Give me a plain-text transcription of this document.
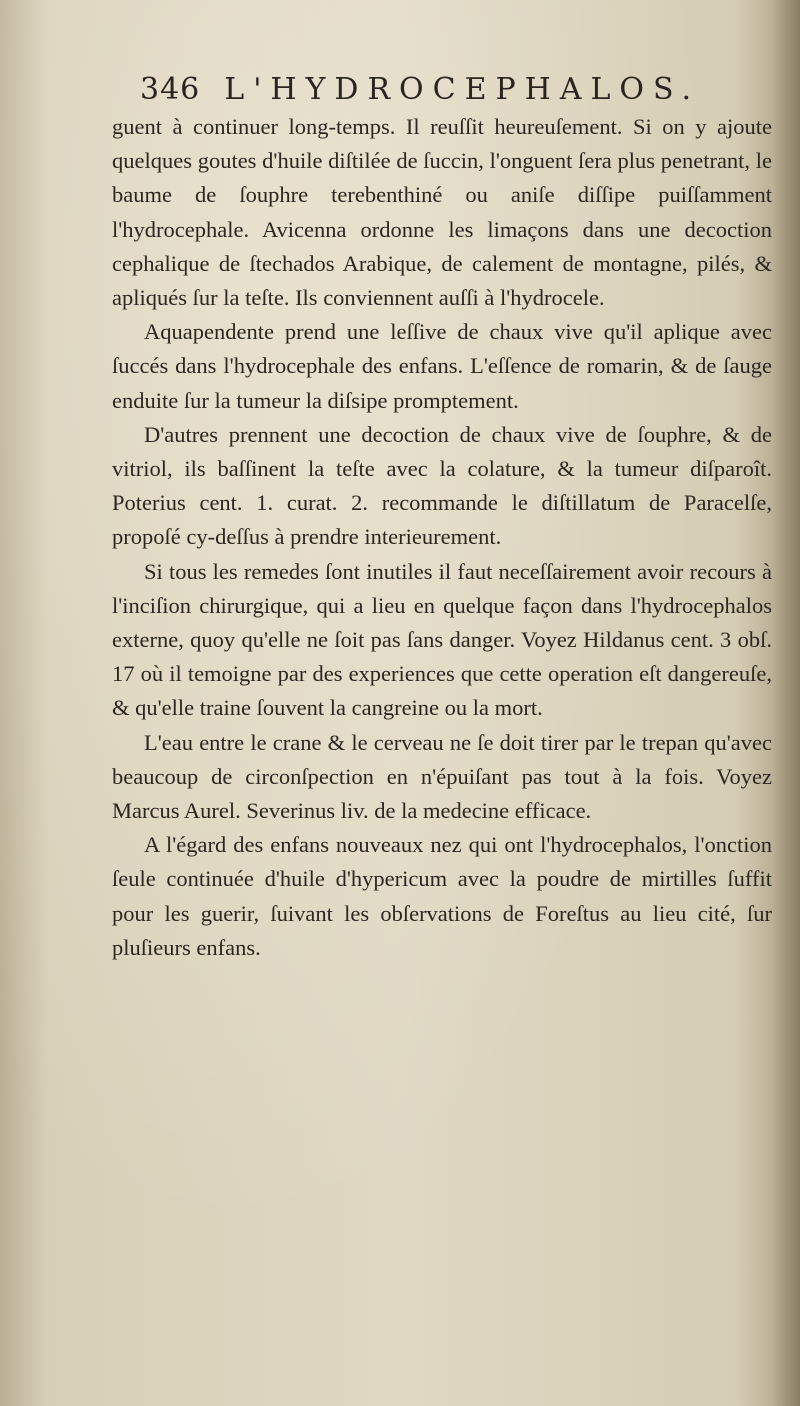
346 L'HYDROCEPHALOS.

guent à continuer long-temps. Il reuſſit heureuſement. Si on y ajoute quelques goutes d'huile diſtilée de ſuccin, l'onguent ſera plus penetrant, le baume de ſouphre terebenthiné ou aniſe diſſipe puiſſamment l'hydrocephale. Avicenna ordonne les limaçons dans une decoction cephalique de ſtechados Arabique, de calement de montagne, pilés, & apliqués ſur la teſte. Ils conviennent auſſi à l'hydrocele.

Aquapendente prend une leſſive de chaux vive qu'il aplique avec ſuccés dans l'hydrocephale des enfans. L'eſſence de romarin, & de ſauge enduite ſur la tumeur la diſsipe promptement.

D'autres prennent une decoction de chaux vive de ſouphre, & de vitriol, ils baſſinent la teſte avec la colature, & la tumeur diſparoît. Poterius cent. 1. curat. 2. recommande le diſtillatum de Paracelſe, propoſé cy-deſſus à prendre interieurement.

Si tous les remedes ſont inutiles il faut neceſſairement avoir recours à l'inciſion chirurgique, qui a lieu en quelque façon dans l'hydrocephalos externe, quoy qu'elle ne ſoit pas ſans danger. Voyez Hildanus cent. 3 obſ. 17 où il temoigne par des experiences que cette operation eſt dangereuſe, & qu'elle traine ſouvent la cangreine ou la mort.

L'eau entre le crane & le cerveau ne ſe doit tirer par le trepan qu'avec beaucoup de circonſpection en n'épuiſant pas tout à la fois. Voyez Marcus Aurel. Severinus liv. de la medecine efficace.

A l'égard des enfans nouveaux nez qui ont l'hydrocephalos, l'onction ſeule continuée d'huile d'hypericum avec la poudre de mirtilles ſuffit pour les guerir, ſuivant les obſervations de Foreſtus au lieu cité, ſur pluſieurs enfans.
